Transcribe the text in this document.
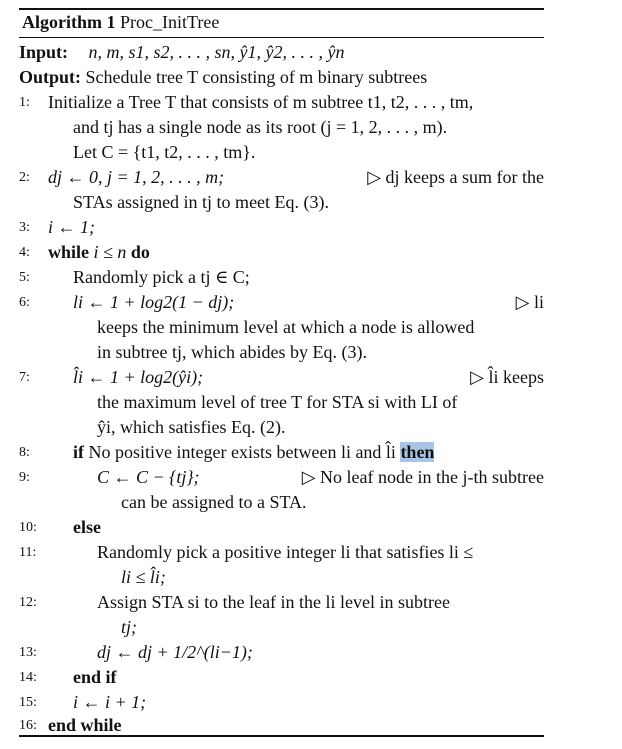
Algorithm 1 Proc_InitTree
Input: n, m, s1, s2, . . . , sn, ŷ1, ŷ2, . . . , ŷn
Output: Schedule tree T consisting of m binary subtrees
1: Initialize a Tree T that consists of m subtree t1, t2, . . . , tm,
and tj has a single node as its root (j = 1, 2, . . . , m).
Let C = {t1, t2, . . . , tm}.
2: dj ← 0, j = 1, 2, . . . , m;	▷ dj keeps a sum for the
STAs assigned in tj to meet Eq. (3).
3: i ← 1;
4: while i ≤ n do
5: Randomly pick a tj ∈ C;
6: li ← 1 + log2(1 − dj);	▷ li
keeps the minimum level at which a node is allowed
in subtree tj, which abides by Eq. (3).
7: l̂i ← 1 + log2(ŷi);	▷ l̂i keeps
the maximum level of tree T for STA si with LI of
ŷi, which satisfies Eq. (2).
8: if No positive integer exists between li and l̂i then
9:	C ← C − {tj};	▷ No leaf node in the j-th subtree
can be assigned to a STA.
10: else
11:	Randomly pick a positive integer li that satisfies li ≤
li ≤ l̂i;
12:	Assign STA si to the leaf in the li level in subtree
tj;
13:	dj ← dj + 1/2^(li−1);
14: end if
15: i ← i + 1;
16: end while
